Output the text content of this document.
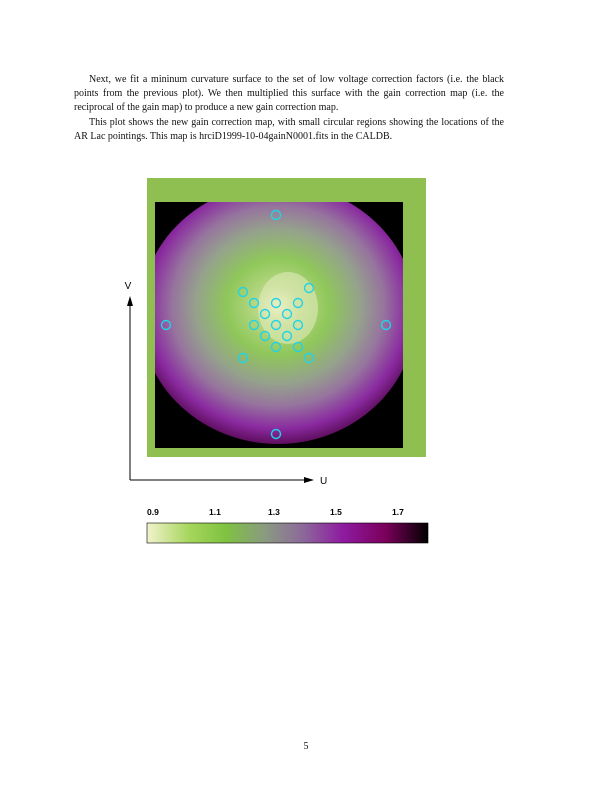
Next, we fit a mininum curvature surface to the set of low voltage correction factors (i.e. the black points from the previous plot). We then multiplied this surface with the gain correction map (i.e. the reciprocal of the gain map) to produce a new gain correction map.

This plot shows the new gain correction map, with small circular regions showing the locations of the AR Lac pointings. This map is hrciD1999-10-04gainN0001.fits in the CALDB.

V
U
0.9	1.1	1.3	1.5	1.7
5
